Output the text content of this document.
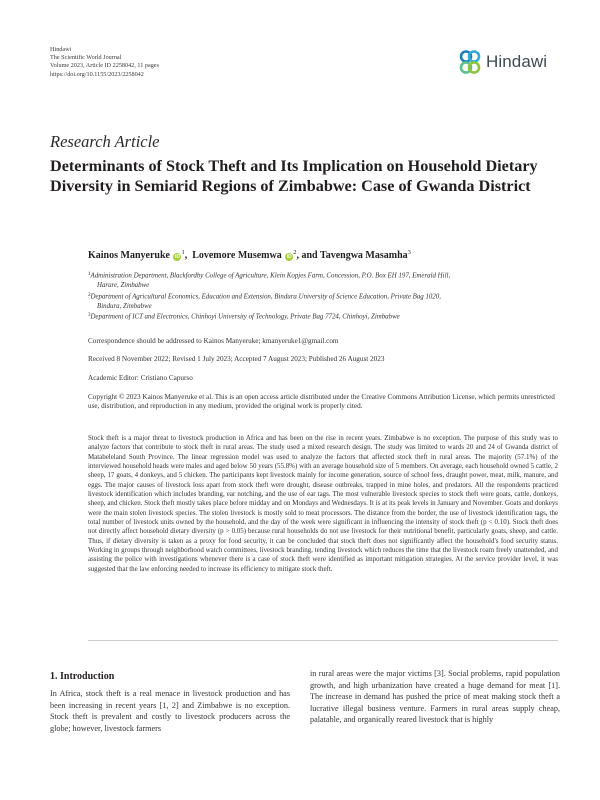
Hindawi
The Scientific World Journal
Volume 2023, Article ID 2258042, 11 pages
https://doi.org/10.1155/2023/2258042
Hindawi
Research Article
Determinants of Stock Theft and Its Implication on Household Dietary Diversity in Semiarid Regions of Zimbabwe: Case of Gwanda District
Kainos Manyeruke $iD^1$, Lovemore Musemwa $iD^2$, and Tavengwa Masamha$^3$
$^1$Administration Department, Blackfordby College of Agriculture, Klein Kopjes Farm, Concession, P.O. Box EH 197, Emerald Hill,
Harare, Zimbabwe
$^2$Department of Agricultural Economics, Education and Extension, Bindura University of Science Education, Private Bag 1020,
Bindura, Zimbabwe
$^3$Department of ICT and Electronics, Chinhoyi University of Technology, Private Bag 7724, Chinhoyi, Zimbabwe
Correspondence should be addressed to Kainos Manyeruke; kmanyeruke1@gmail.com
Received 8 November 2022; Revised 1 July 2023; Accepted 7 August 2023; Published 26 August 2023
Academic Editor: Cristiano Capurso
Copyright © 2023 Kainos Manyeruke et al. This is an open access article distributed under the Creative Commons Attribution License, which permits unrestricted use, distribution, and reproduction in any medium, provided the original work is properly cited.
Stock theft is a major threat to livestock production in Africa and has been on the rise in recent years. Zimbabwe is no exception. The purpose of this study was to analyze factors that contribute to stock theft in rural areas. The study used a mixed research design. The study was limited to wards 20 and 24 of Gwanda district of Matabeleland South Province. The linear regression model was used to analyze the factors that affected stock theft in rural areas. The majority (57.1%) of the interviewed household heads were males and aged below 50 years (55.8%) with an average household size of 5 members. On average, each household owned 5 cattle, 2 sheep, 17 goats, 4 donkeys, and 5 chicken. The participants kept livestock mainly for income generation, source of school fees, draught power, meat, milk, manure, and eggs. The major causes of livestock loss apart from stock theft were drought, disease outbreaks, trapped in mine holes, and predators. All the respondents practiced livestock identification which includes branding, ear notching, and the use of ear tags. The most vulnerable livestock species to stock theft were goats, cattle, donkeys, sheep, and chicken. Stock theft mostly takes place before midday and on Mondays and Wednesdays. It is at its peak levels in January and November. Goats and donkeys were the main stolen livestock species. The stolen livestock is mostly sold to meat processors. The distance from the border, the use of livestock identification tags, the total number of livestock units owned by the household, and the day of the week were significant in influencing the intensity of stock theft (p < 0.10). Stock theft does not directly affect household dietary diversity (p > 0.05) because rural households do not use livestock for their nutritional benefit, particularly goats, sheep, and cattle. Thus, if dietary diversity is taken as a proxy for food security, it can be concluded that stock theft does not significantly affect the household's food security status. Working in groups through neighborhood watch committees, livestock branding, tending livestock which reduces the time that the livestock roam freely unattended, and assisting the police with investigations whenever there is a case of stock theft were identified as important mitigation strategies. At the service provider level, it was suggested that the law enforcing needed to increase its efficiency to mitigate stock theft.
1. Introduction
In Africa, stock theft is a real menace in livestock production and has been increasing in recent years [1, 2] and Zimbabwe is no exception. Stock theft is prevalent and costly to livestock producers across the globe; however, livestock farmers
in rural areas were the major victims [3]. Social problems, rapid population growth, and high urbanization have created a huge demand for meat [1]. The increase in demand has pushed the price of meat making stock theft a lucrative illegal business venture. Farmers in rural areas supply cheap, palatable, and organically reared livestock that is highly
